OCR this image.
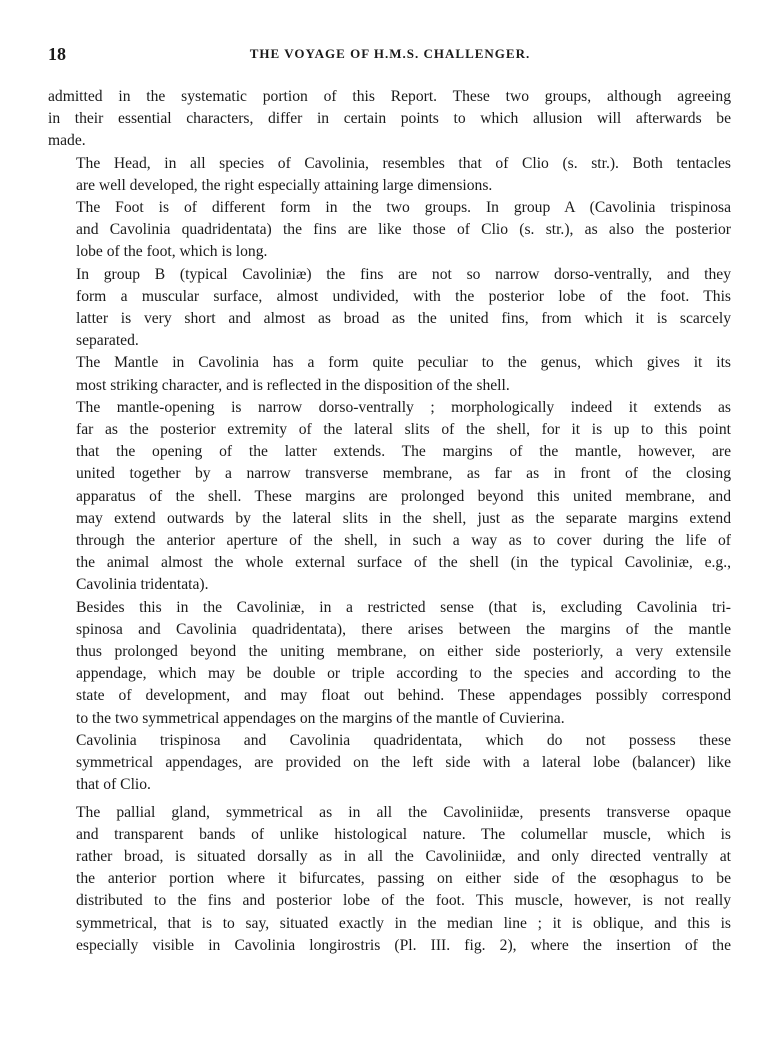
18	THE VOYAGE OF H.M.S. CHALLENGER.

admitted in the systematic portion of this Report. These two groups, although agreeing
in their essential characters, differ in certain points to which allusion will afterwards be
made.

The Head, in all species of Cavolinia, resembles that of Clio (s. str.). Both tentacles
are well developed, the right especially attaining large dimensions.

The Foot is of different form in the two groups. In group A (Cavolinia trispinosa
and Cavolinia quadridentata) the fins are like those of Clio (s. str.), as also the posterior
lobe of the foot, which is long.

In group B (typical Cavoliniæ) the fins are not so narrow dorso-ventrally, and they
form a muscular surface, almost undivided, with the posterior lobe of the foot. This
latter is very short and almost as broad as the united fins, from which it is scarcely
separated.

The Mantle in Cavolinia has a form quite peculiar to the genus, which gives it its
most striking character, and is reflected in the disposition of the shell.

The mantle-opening is narrow dorso-ventrally ; morphologically indeed it extends as
far as the posterior extremity of the lateral slits of the shell, for it is up to this point
that the opening of the latter extends. The margins of the mantle, however, are
united together by a narrow transverse membrane, as far as in front of the closing
apparatus of the shell. These margins are prolonged beyond this united membrane, and
may extend outwards by the lateral slits in the shell, just as the separate margins extend
through the anterior aperture of the shell, in such a way as to cover during the life of
the animal almost the whole external surface of the shell (in the typical Cavoliniæ, e.g.,
Cavolinia tridentata).

Besides this in the Cavoliniæ, in a restricted sense (that is, excluding Cavolinia tri-
spinosa and Cavolinia quadridentata), there arises between the margins of the mantle
thus prolonged beyond the uniting membrane, on either side posteriorly, a very extensile
appendage, which may be double or triple according to the species and according to the
state of development, and may float out behind. These appendages possibly correspond
to the two symmetrical appendages on the margins of the mantle of Cuvierina.

Cavolinia trispinosa and Cavolinia quadridentata, which do not possess these
symmetrical appendages, are provided on the left side with a lateral lobe (balancer) like
that of Clio.

The pallial gland, symmetrical as in all the Cavoliniidæ, presents transverse opaque
and transparent bands of unlike histological nature. The columellar muscle, which is
rather broad, is situated dorsally as in all the Cavoliniidæ, and only directed ventrally at
the anterior portion where it bifurcates, passing on either side of the œsophagus to be
distributed to the fins and posterior lobe of the foot. This muscle, however, is not really
symmetrical, that is to say, situated exactly in the median line ; it is oblique, and this is
especially visible in Cavolinia longirostris (Pl. III. fig. 2), where the insertion of the
